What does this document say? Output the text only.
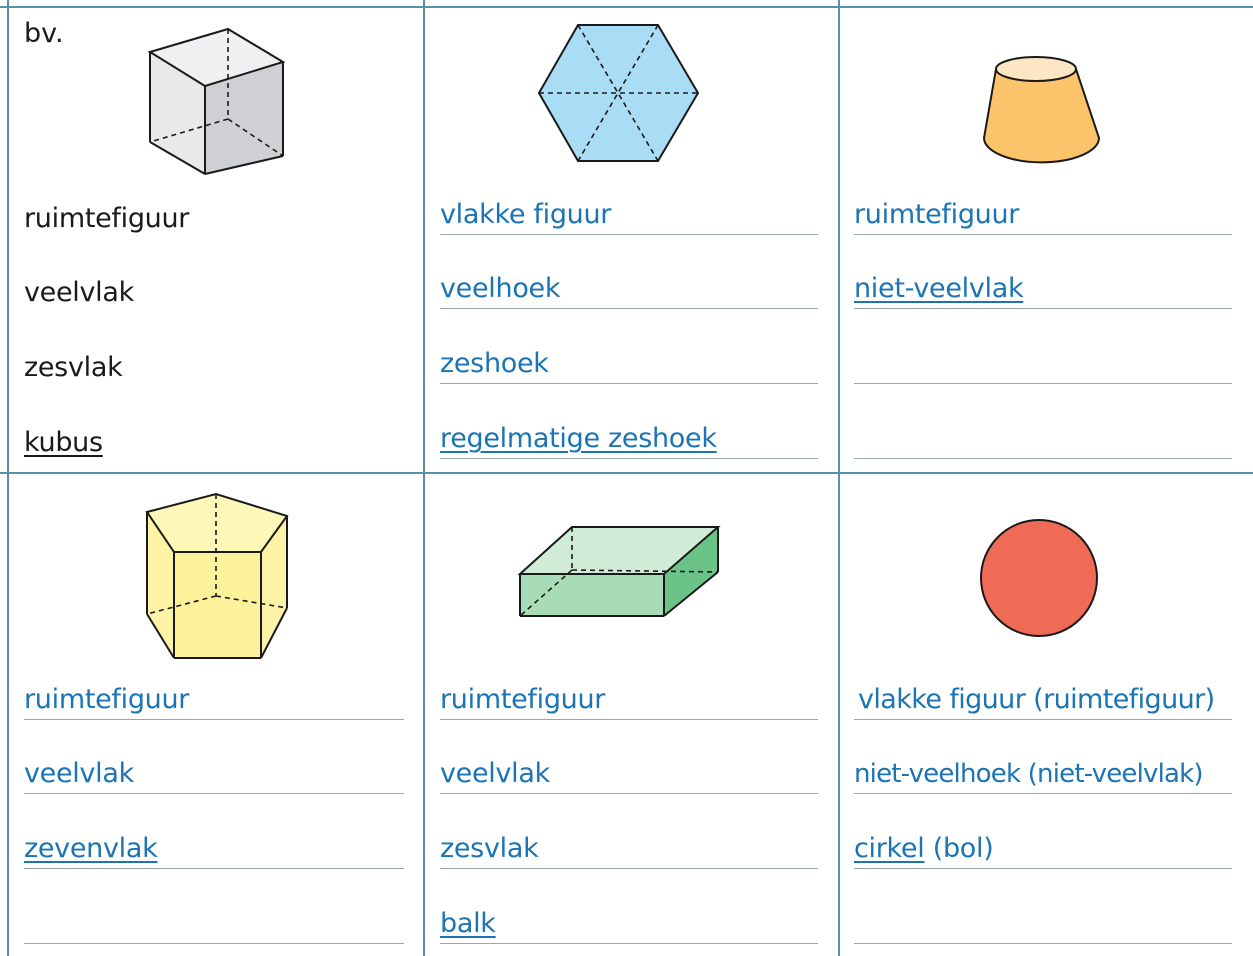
bv.
ruimtefiguur
veelvlak
zesvlak
kubus
vlakke figuur
veelhoek
zeshoek
regelmatige zeshoek
ruimtefiguur
niet-veelvlak
ruimtefiguur
veelvlak
zevenvlak
ruimtefiguur
veelvlak
zesvlak
balk
vlakke figuur (ruimtefiguur)
niet-veelhoek (niet-veelvlak)
cirkel (bol)
